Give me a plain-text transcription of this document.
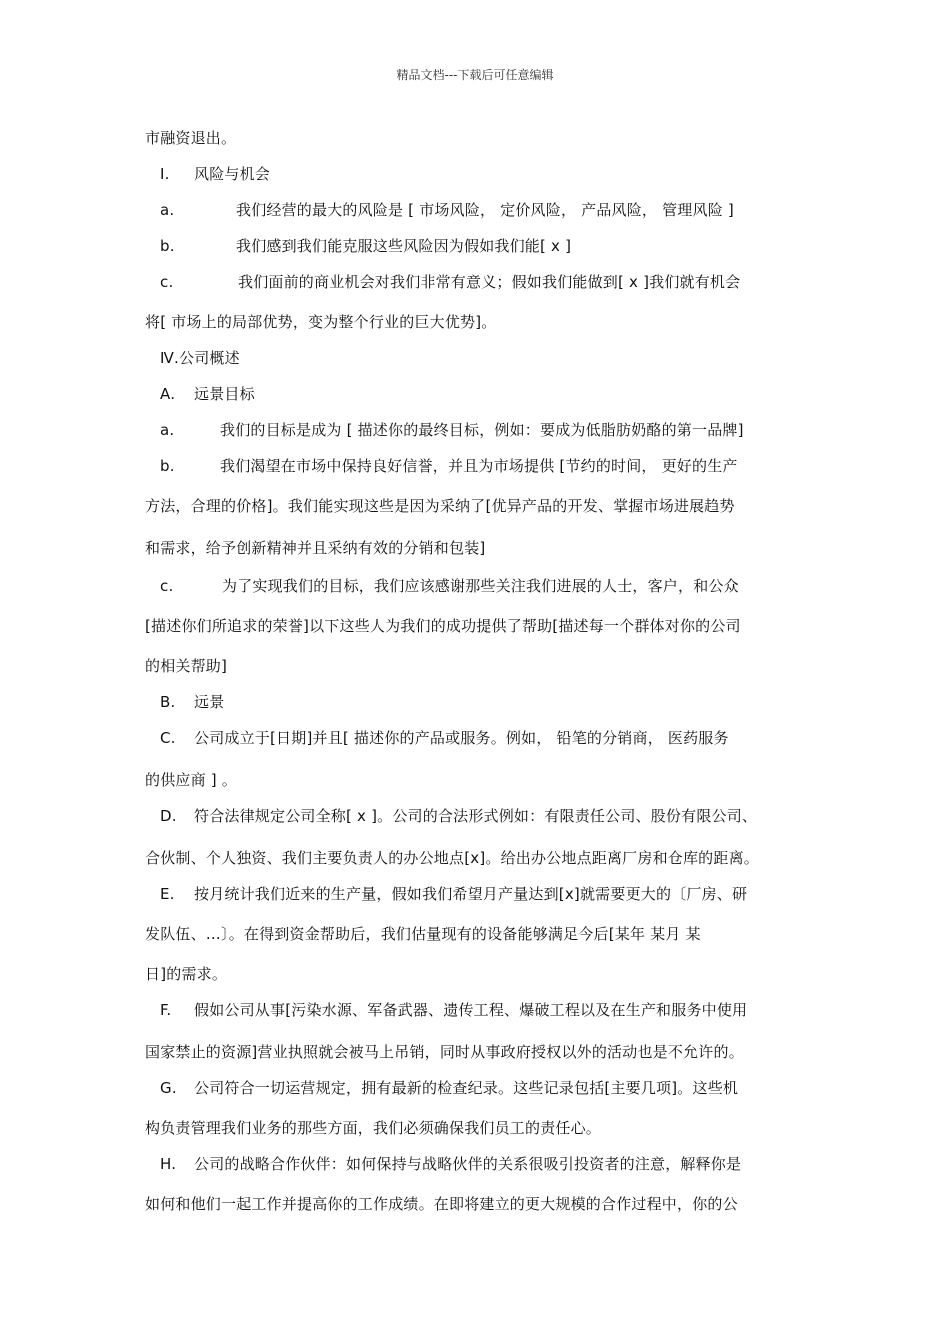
精品文档---下载后可任意编辑
市融资退出。
I. 风险与机会
a.	我们经营的最大的风险是 [ 市场风险， 定价风险， 产品风险， 管理风险 ]
b.	我们感到我们能克服这些风险因为假如我们能[ x ]
c.	我们面前的商业机会对我们非常有意义；假如我们能做到[ x ]我们就有机会
将[ 市场上的局部优势，变为整个行业的巨大优势]。
Ⅳ.公司概述
A. 远景目标
a.	我们的目标是成为 [ 描述你的最终目标，例如：要成为低脂肪奶酪的第一品牌]
b.	我们渴望在市场中保持良好信誉，并且为市场提供 [节约的时间， 更好的生产
方法，合理的价格]。我们能实现这些是因为采纳了[优异产品的开发、掌握市场进展趋势
和需求，给予创新精神并且采纳有效的分销和包装]
c.	为了实现我们的目标，我们应该感谢那些关注我们进展的人士，客户，和公众
[描述你们所追求的荣誉]以下这些人为我们的成功提供了帮助[描述每一个群体对你的公司
的相关帮助]
B. 远景
C. 公司成立于[日期]并且[ 描述你的产品或服务。例如， 铅笔的分销商， 医药服务
的供应商 ] 。
D. 符合法律规定公司全称[ x ]。公司的合法形式例如：有限责任公司、股份有限公司、
合伙制、个人独资、我们主要负责人的办公地点[x]。给出办公地点距离厂房和仓库的距离。
E. 按月统计我们近来的生产量，假如我们希望月产量达到[x]就需要更大的〔厂房、研
发队伍、…〕。在得到资金帮助后，我们估量现有的设备能够满足今后[某年 某月 某
日]的需求。
F. 假如公司从事[污染水源、军备武器、遗传工程、爆破工程以及在生产和服务中使用
国家禁止的资源]营业执照就会被马上吊销，同时从事政府授权以外的活动也是不允许的。
G. 公司符合一切运营规定，拥有最新的检查纪录。这些记录包括[主要几项]。这些机
构负责管理我们业务的那些方面，我们必须确保我们员工的责任心。
H. 公司的战略合作伙伴：如何保持与战略伙伴的关系很吸引投资者的注意，解释你是
如何和他们一起工作并提高你的工作成绩。在即将建立的更大规模的合作过程中，你的公
